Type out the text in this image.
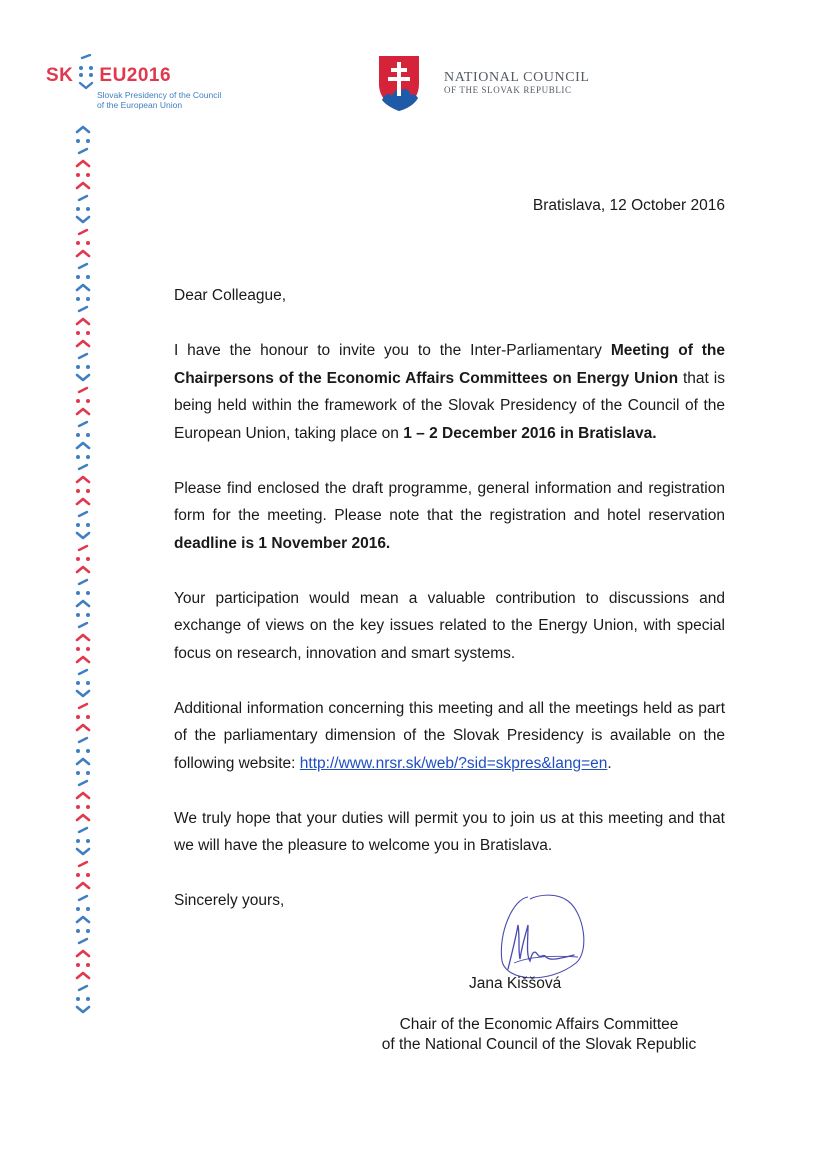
SK EU2016
Slovak Presidency of the Council
of the European Union
NATIONAL COUNCIL
OF THE SLOVAK REPUBLIC
Bratislava, 12 October 2016

Dear Colleague,

I have the honour to invite you to the Inter-Parliamentary Meeting of the Chairpersons of the Economic Affairs Committees on Energy Union that is being held within the framework of the Slovak Presidency of the Council of the European Union, taking place on 1 – 2 December 2016 in Bratislava.

Please find enclosed the draft programme, general information and registration form for the meeting. Please note that the registration and hotel reservation deadline is 1 November 2016.

Your participation would mean a valuable contribution to discussions and exchange of views on the key issues related to the Energy Union, with special focus on research, innovation and smart systems.

Additional information concerning this meeting and all the meetings held as part of the parliamentary dimension of the Slovak Presidency is available on the following website: http://www.nrsr.sk/web/?sid=skpres&lang=en.

We truly hope that your duties will permit you to join us at this meeting and that we will have the pleasure to welcome you in Bratislava.

Sincerely yours,

Jana Kiššová
Chair of the Economic Affairs Committee
of the National Council of the Slovak Republic
